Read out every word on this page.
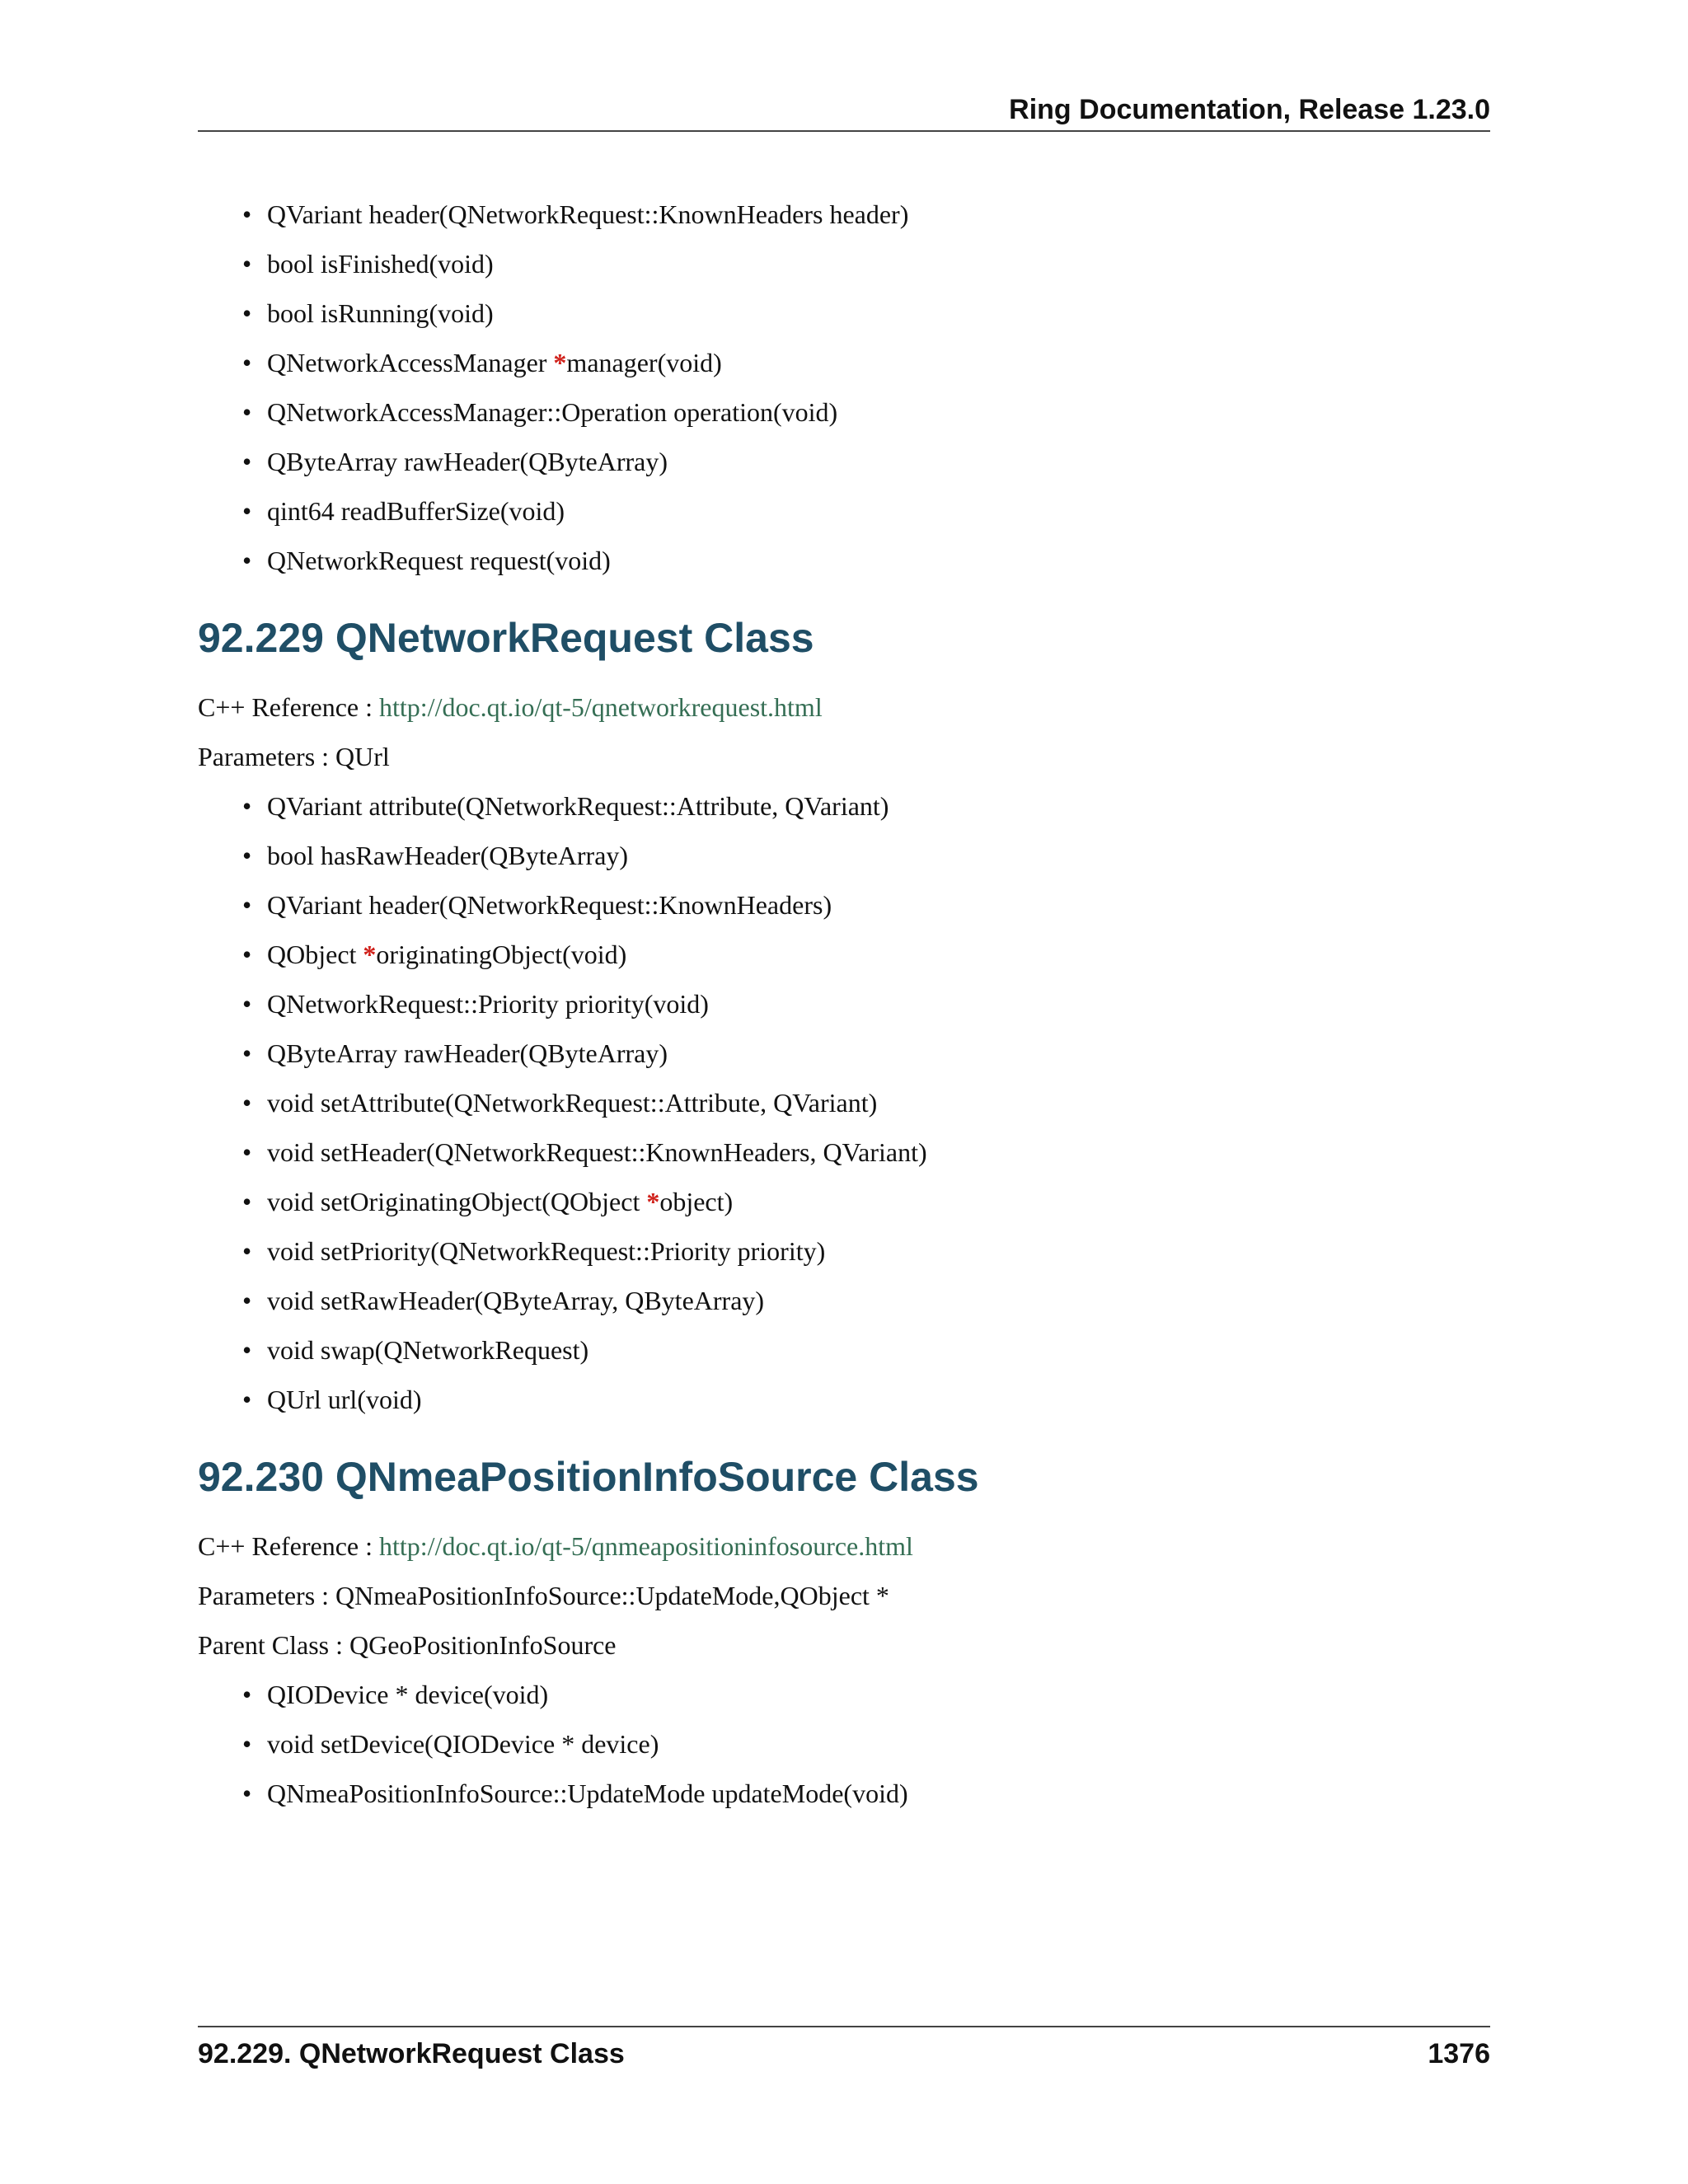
Ring Documentation, Release 1.23.0
• QVariant header(QNetworkRequest::KnownHeaders header)
• bool isFinished(void)
• bool isRunning(void)
• QNetworkAccessManager *manager(void)
• QNetworkAccessManager::Operation operation(void)
• QByteArray rawHeader(QByteArray)
• qint64 readBufferSize(void)
• QNetworkRequest request(void)
92.229 QNetworkRequest Class

C++ Reference : http://doc.qt.io/qt-5/qnetworkrequest.html

Parameters : QUrl

• QVariant attribute(QNetworkRequest::Attribute, QVariant)
• bool hasRawHeader(QByteArray)
• QVariant header(QNetworkRequest::KnownHeaders)
• QObject *originatingObject(void)
• QNetworkRequest::Priority priority(void)
• QByteArray rawHeader(QByteArray)
• void setAttribute(QNetworkRequest::Attribute, QVariant)
• void setHeader(QNetworkRequest::KnownHeaders, QVariant)
• void setOriginatingObject(QObject *object)
• void setPriority(QNetworkRequest::Priority priority)
• void setRawHeader(QByteArray, QByteArray)
• void swap(QNetworkRequest)
• QUrl url(void)
92.230 QNmeaPositionInfoSource Class

C++ Reference : http://doc.qt.io/qt-5/qnmeapositioninfosource.html

Parameters : QNmeaPositionInfoSource::UpdateMode,QObject *

Parent Class : QGeoPositionInfoSource

• QIODevice * device(void)
• void setDevice(QIODevice * device)
• QNmeaPositionInfoSource::UpdateMode updateMode(void)
92.229. QNetworkRequest Class	1376
